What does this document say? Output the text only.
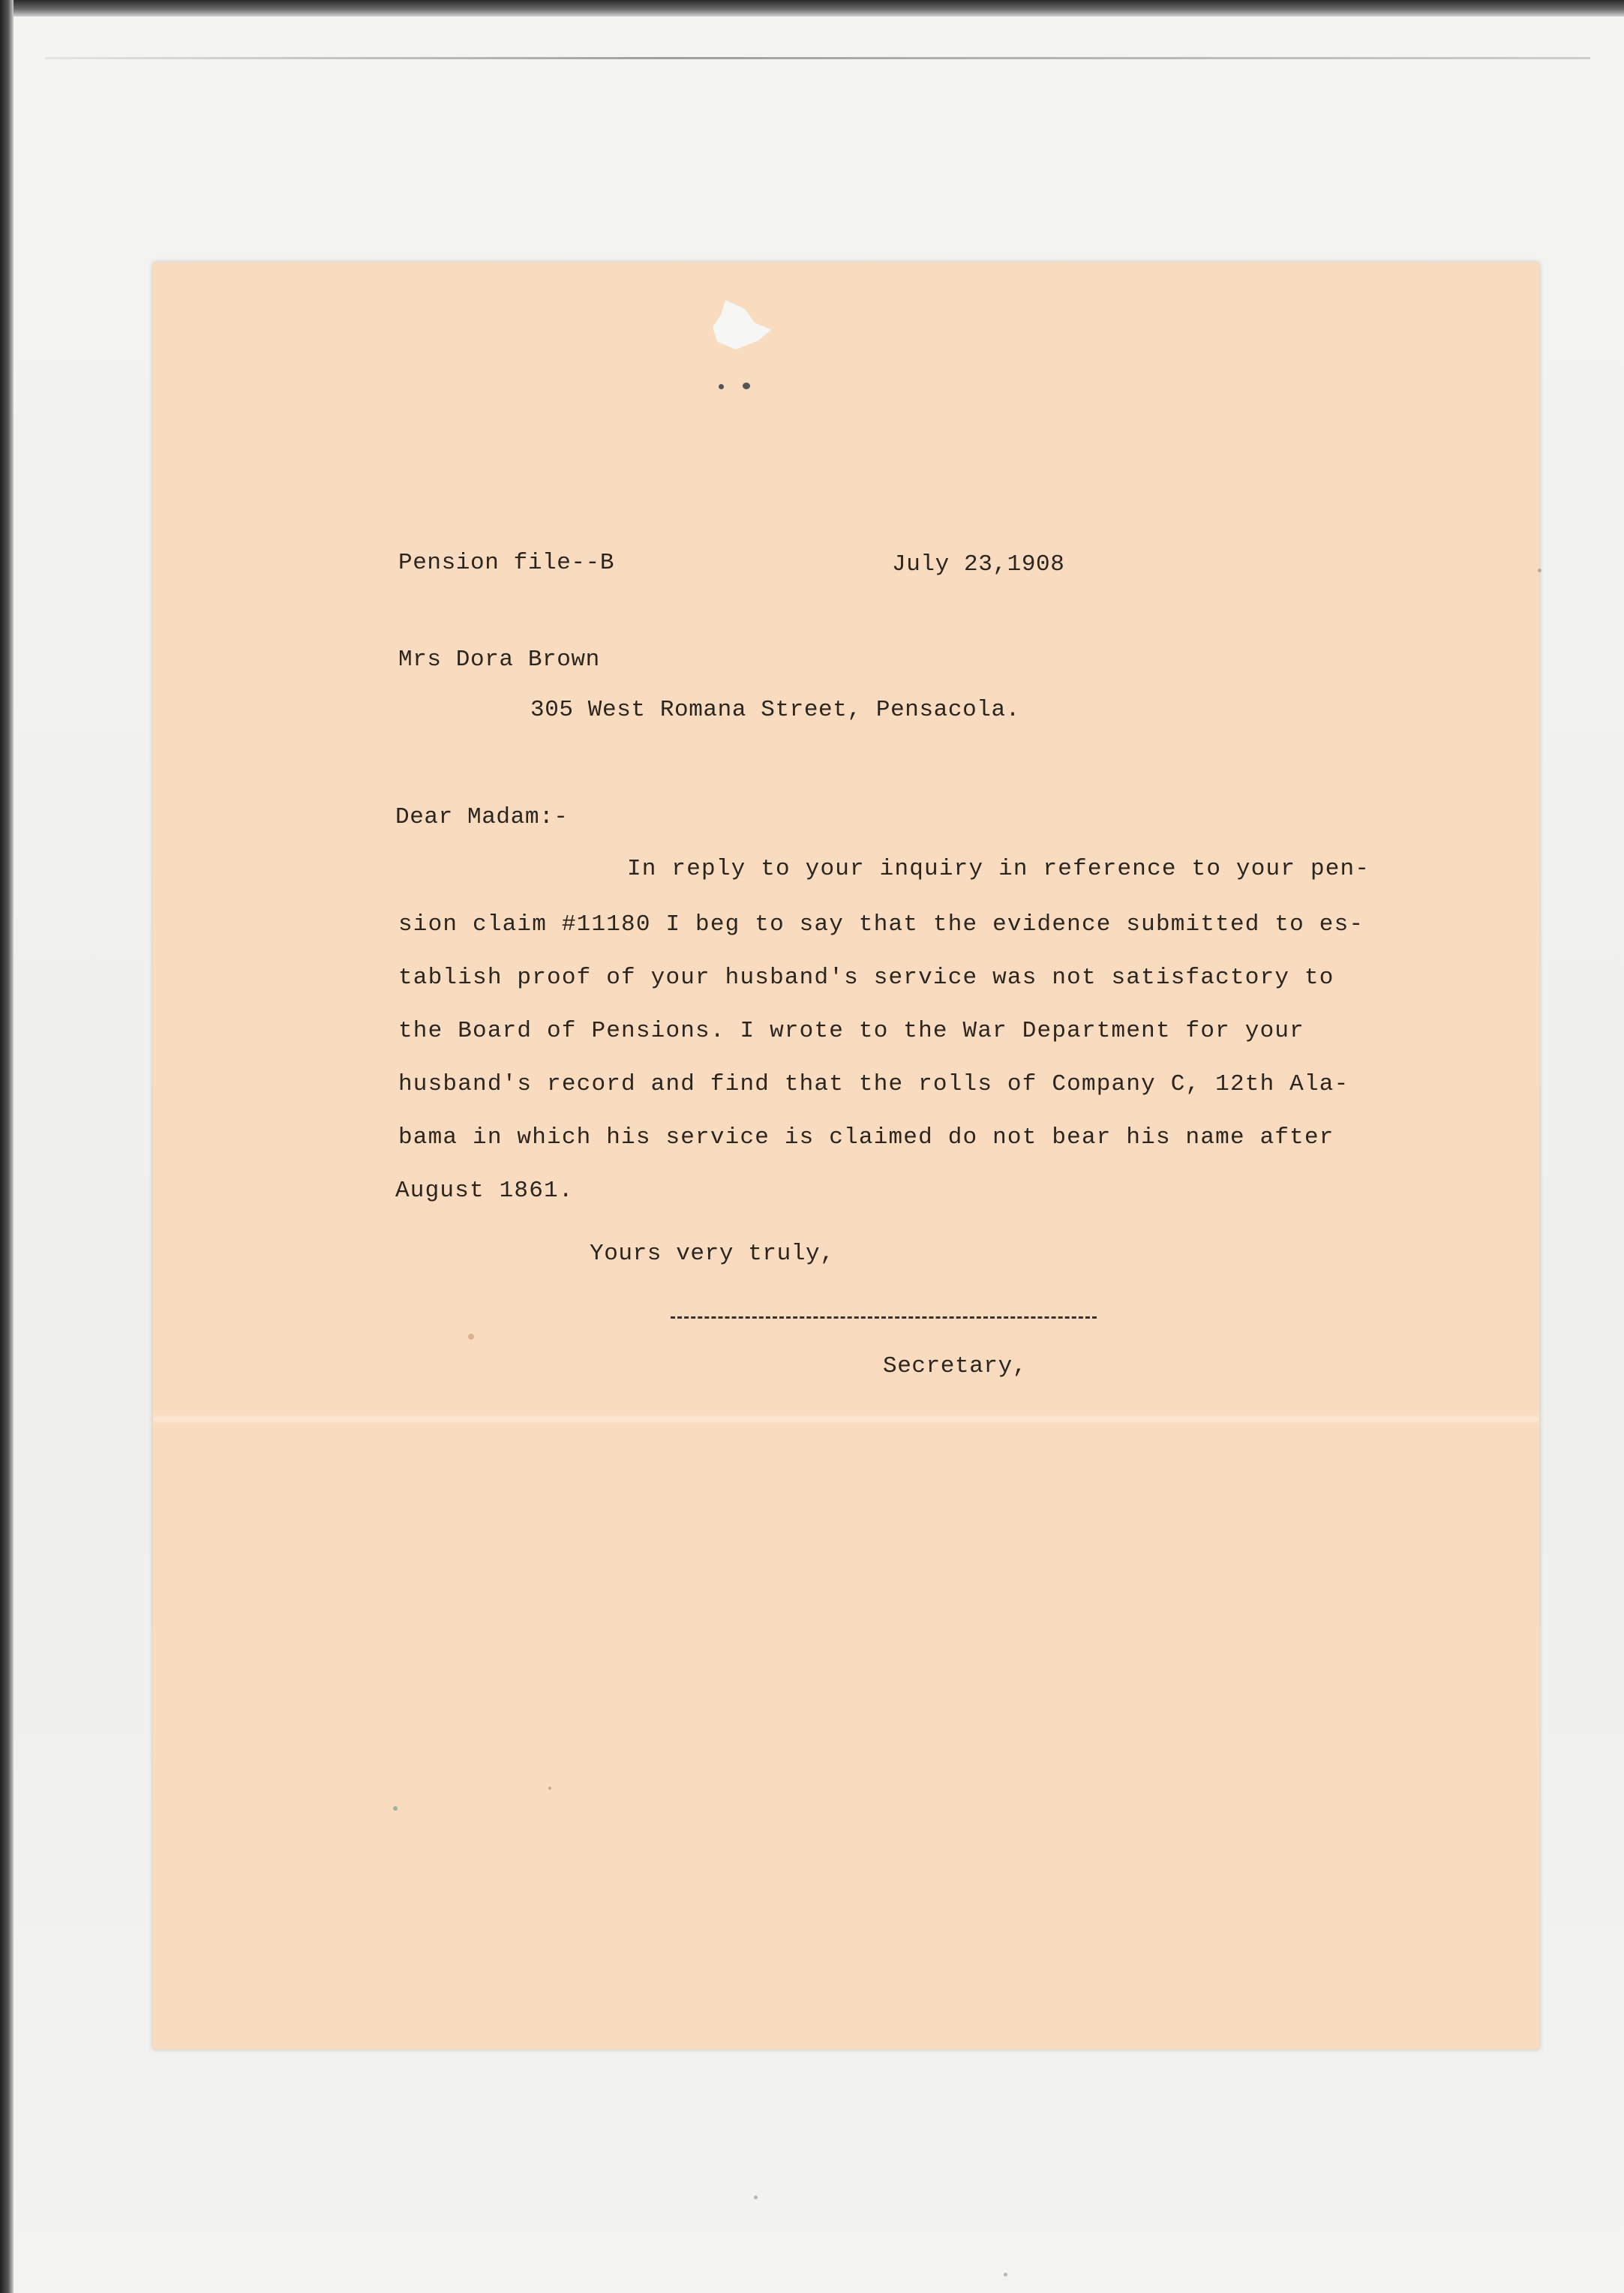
Pension file--B	July 23,1908

Mrs Dora Brown

305 West Romana Street, Pensacola.

Dear Madam:-

In reply to your inquiry in reference to your pen-

sion claim #11180 I beg to say that the evidence submitted to es-

tablish proof of your husband's service was not satisfactory to

the Board of Pensions. I wrote to the War Department for your

husband's record and find that the rolls of Company C, 12th Ala-

bama in which his service is claimed do not bear his name after

August 1861.

Yours very truly,

Secretary,
